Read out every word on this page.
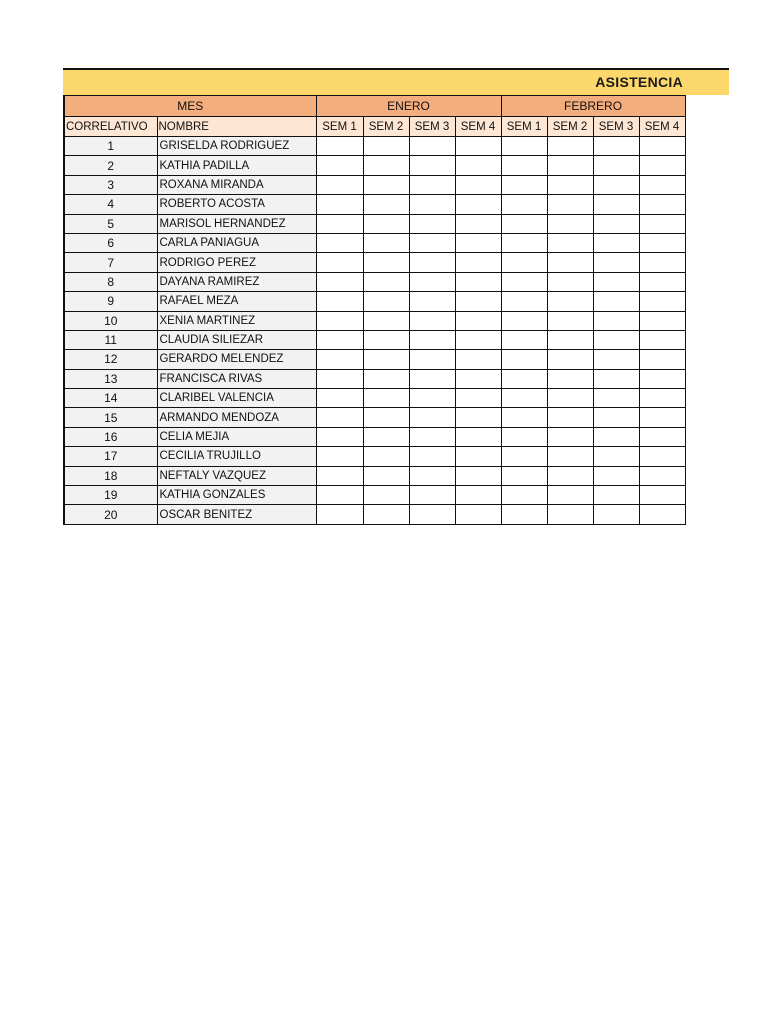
ASISTENCIA
MES		ENERO				FEBRERO			
CORRELATIVO	NOMBRE	SEM 1	SEM 2	SEM 3	SEM 4	SEM 1	SEM 2	SEM 3	SEM 4
1	GRISELDA RODRIGUEZ								
2	KATHIA PADILLA								
3	ROXANA MIRANDA								
4	ROBERTO ACOSTA								
5	MARISOL HERNANDEZ								
6	CARLA PANIAGUA								
7	RODRIGO PEREZ								
8	DAYANA RAMIREZ								
9	RAFAEL MEZA								
10	XENIA MARTINEZ								
11	CLAUDIA SILIEZAR								
12	GERARDO MELENDEZ								
13	FRANCISCA RIVAS								
14	CLARIBEL VALENCIA								
15	ARMANDO MENDOZA								
16	CELIA MEJIA								
17	CECILIA TRUJILLO								
18	NEFTALY VAZQUEZ								
19	KATHIA GONZALES								
20	OSCAR BENITEZ								
